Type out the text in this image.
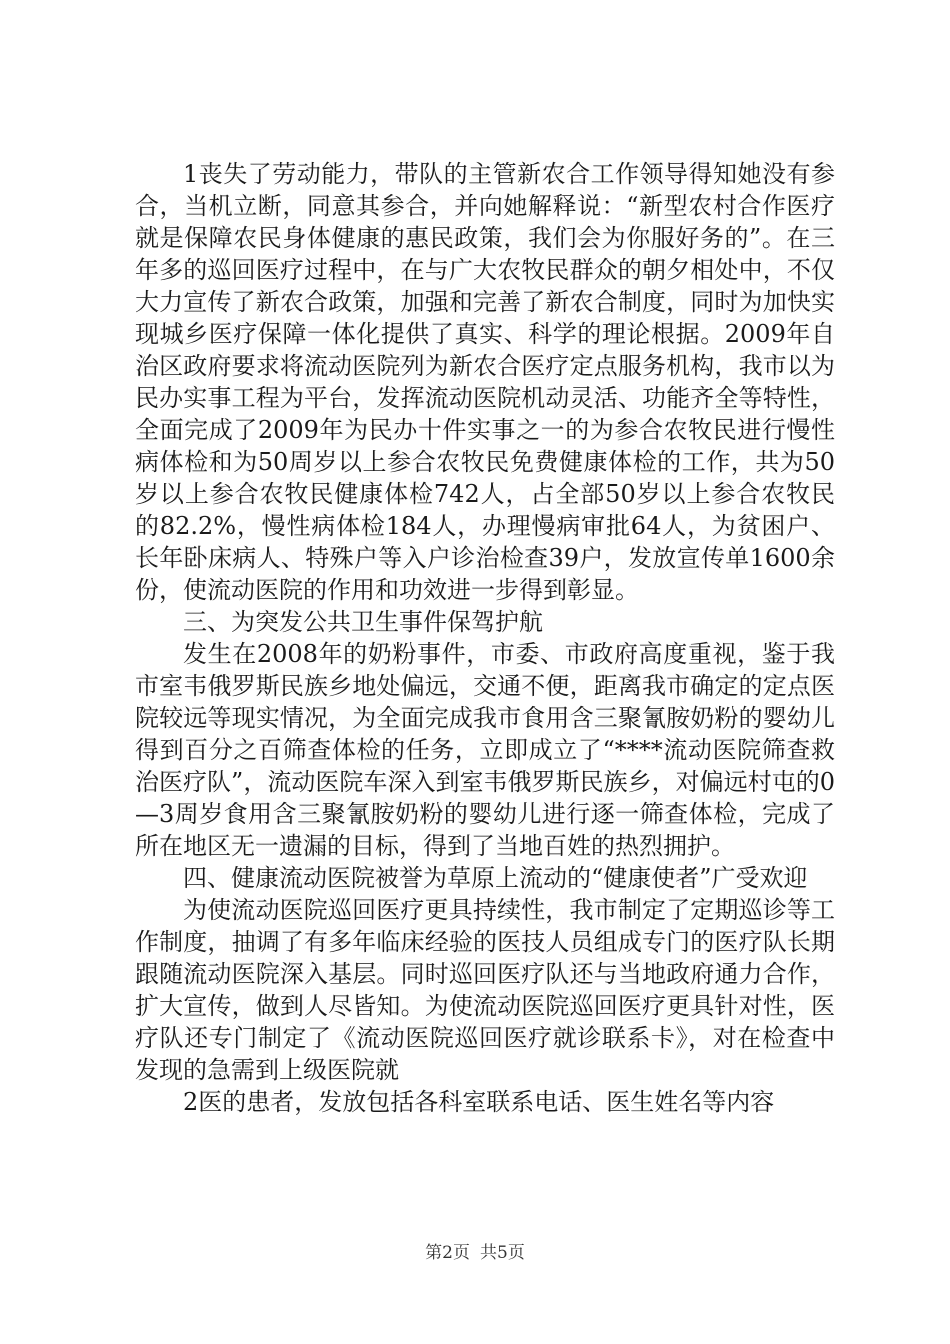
1丧失了劳动能力，带队的主管新农合工作领导得知她没有参合，当机立断，同意其参合，并向她解释说：“新型农村合作医疗就是保障农民身体健康的惠民政策，我们会为你服好务的”。在三年多的巡回医疗过程中，在与广大农牧民群众的朝夕相处中，不仅大力宣传了新农合政策，加强和完善了新农合制度，同时为加快实现城乡医疗保障一体化提供了真实、科学的理论根据。2009年自治区政府要求将流动医院列为新农合医疗定点服务机构，我市以为民办实事工程为平台，发挥流动医院机动灵活、功能齐全等特性，全面完成了2009年为民办十件实事之一的为参合农牧民进行慢性病体检和为50周岁以上参合农牧民免费健康体检的工作，共为50岁以上参合农牧民健康体检742人，占全部50岁以上参合农牧民的82.2%，慢性病体检184人，办理慢病审批64人，为贫困户、长年卧床病人、特殊户等入户诊治检查39户，发放宣传单1600余份，使流动医院的作用和功效进一步得到彰显。

三、为突发公共卫生事件保驾护航

发生在2008年的奶粉事件，市委、市政府高度重视，鉴于我市室韦俄罗斯民族乡地处偏远，交通不便，距离我市确定的定点医院较远等现实情况，为全面完成我市食用含三聚氰胺奶粉的婴幼儿得到百分之百筛查体检的任务，立即成立了“****流动医院筛查救治医疗队”，流动医院车深入到室韦俄罗斯民族乡，对偏远村屯的0—3周岁食用含三聚氰胺奶粉的婴幼儿进行逐一筛查体检，完成了所在地区无一遗漏的目标，得到了当地百姓的热烈拥护。

四、健康流动医院被誉为草原上流动的“健康使者”广受欢迎

为使流动医院巡回医疗更具持续性，我市制定了定期巡诊等工作制度，抽调了有多年临床经验的医技人员组成专门的医疗队长期跟随流动医院深入基层。同时巡回医疗队还与当地政府通力合作，扩大宣传，做到人尽皆知。为使流动医院巡回医疗更具针对性，医疗队还专门制定了《流动医院巡回医疗就诊联系卡》，对在检查中发现的急需到上级医院就

2医的患者，发放包括各科室联系电话、医生姓名等内容

第2页 共5页
